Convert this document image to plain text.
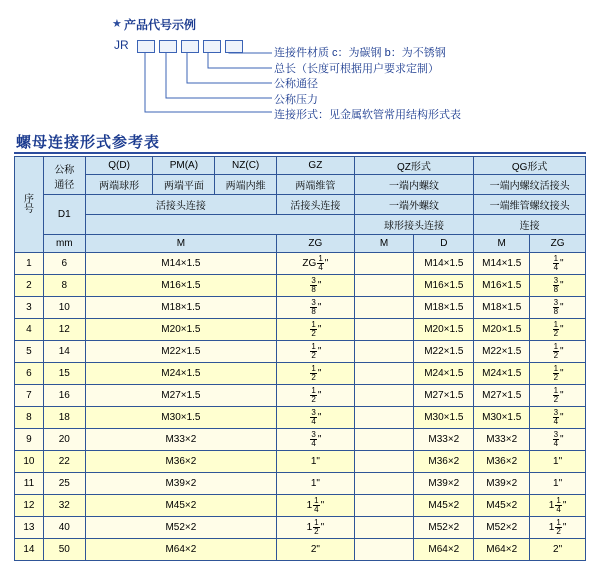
★ 产品代号示例
JR
连接件材质 c：为碳钢 b：为不锈钢
总长（长度可根据用户要求定制）
公称通径
公称压力
连接形式：见金属软管常用结构形式表
螺母连接形式参考表
序
号

公称
通径
	Q(D)	PM(A)	NZ(C)	GZ	QZ形式	QG形式
		两端球形	两端平面	两端内维	两端维管	一端内螺纹		一端内螺纹活接头	
	D1	活接头连接			活接头连接	一端外螺纹		一端维管螺纹接头	
						球形接头连接		连接	
	mm	M			ZG	M	D	M	ZG
1	6	M14×1.5			ZG $\frac{1}{4}$ "		M14×1.5	M14×1.5	$\frac{1}{4}$ "
2	8	M16×1.5			$\frac{3}{8}$ "		M16×1.5	M16×1.5	$\frac{3}{8}$ "
3	10	M18×1.5			$\frac{3}{8}$ "		M18×1.5	M18×1.5	$\frac{3}{8}$ "
4	12	M20×1.5			$\frac{1}{2}$ "		M20×1.5	M20×1.5	$\frac{1}{2}$ "
5	14	M22×1.5			$\frac{1}{2}$ "		M22×1.5	M22×1.5	$\frac{1}{2}$ "
6	15	M24×1.5			$\frac{1}{2}$ "		M24×1.5	M24×1.5	$\frac{1}{2}$ "
7	16	M27×1.5			$\frac{1}{2}$ "		M27×1.5	M27×1.5	$\frac{1}{2}$ "
8	18	M30×1.5			$\frac{3}{4}$ "		M30×1.5	M30×1.5	$\frac{3}{4}$ "
9	20	M33×2			$\frac{3}{4}$ "		M33×2	M33×2	$\frac{3}{4}$ "
10	22	M36×2			1"		M36×2	M36×2	1"
11	25	M39×2			1"		M39×2	M39×2	1"
12	32	M45×2			$1 \frac{1}{4}$ "		M45×2	M45×2	$1 \frac{1}{4}$ "
13	40	M52×2			$1 \frac{1}{2}$ "		M52×2	M52×2	$1 \frac{1}{2}$ "
14	50	M64×2			2"		M64×2	M64×2	2"
